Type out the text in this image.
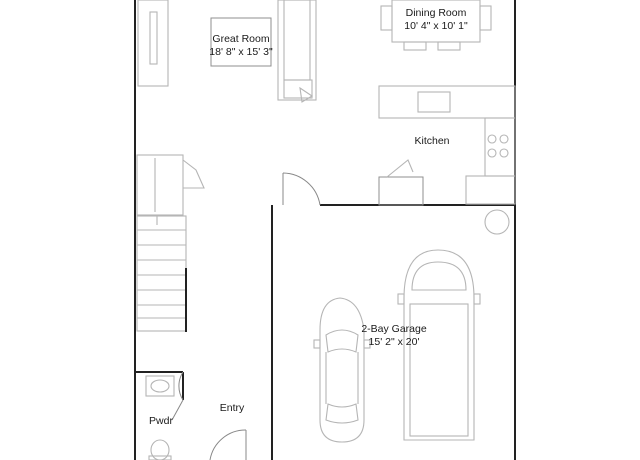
Great Room
18' 8" x 15' 3"
Dining Room
10' 4" x 10' 1"
Kitchen
2-Bay Garage
15' 2" x 20'
Entry
Pwdr
